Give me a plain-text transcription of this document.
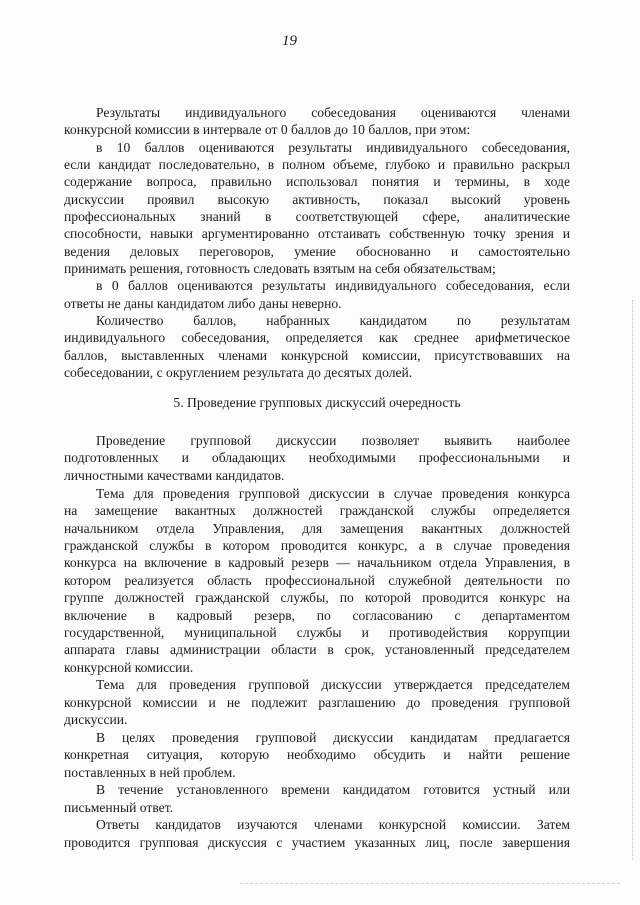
19

Результаты индивидуального собеседования оцениваются членами

конкурсной комиссии в интервале от 0 баллов до 10 баллов, при этом:

в 10 баллов оцениваются результаты индивидуального собеседования,

если кандидат последовательно, в полном объеме, глубоко и правильно раскрыл

содержание вопроса, правильно использовал понятия и термины, в ходе

дискуссии проявил высокую активность, показал высокий уровень

профессиональных знаний в соответствующей сфере, аналитические

способности, навыки аргументированно отстаивать собственную точку зрения и

ведения деловых переговоров, умение обоснованно и самостоятельно

принимать решения, готовность следовать взятым на себя обязательствам;

в 0 баллов оцениваются результаты индивидуального собеседования, если

ответы не даны кандидатом либо даны неверно.

Количество баллов, набранных кандидатом по результатам

индивидуального собеседования, определяется как среднее арифметическое

баллов, выставленных членами конкурсной комиссии, присутствовавших на

собеседовании, с округлением результата до десятых долей.

5. Проведение групповых дискуссий очередность

Проведение групповой дискуссии позволяет выявить наиболее

подготовленных и обладающих необходимыми профессиональными и

личностными качествами кандидатов.

Тема для проведения групповой дискуссии в случае проведения конкурса

на замещение вакантных должностей гражданской службы определяется

начальником отдела Управления, для замещения вакантных должностей

гражданской службы в котором проводится конкурс, а в случае проведения

конкурса на включение в кадровый резерв — начальником отдела Управления, в

котором реализуется область профессиональной служебной деятельности по

группе должностей гражданской службы, по которой проводится конкурс на

включение в кадровый резерв, по согласованию с департаментом

государственной, муниципальной службы и противодействия коррупции

аппарата главы администрации области в срок, установленный председателем

конкурсной комиссии.

Тема для проведения групповой дискуссии утверждается председателем

конкурсной комиссии и не подлежит разглашению до проведения групповой

дискуссии.

В целях проведения групповой дискуссии кандидатам предлагается

конкретная ситуация, которую необходимо обсудить и найти решение

поставленных в ней проблем.

В течение установленного времени кандидатом готовится устный или

письменный ответ.

Ответы кандидатов изучаются членами конкурсной комиссии. Затем

проводится групповая дискуссия с участием указанных лиц, после завершения
